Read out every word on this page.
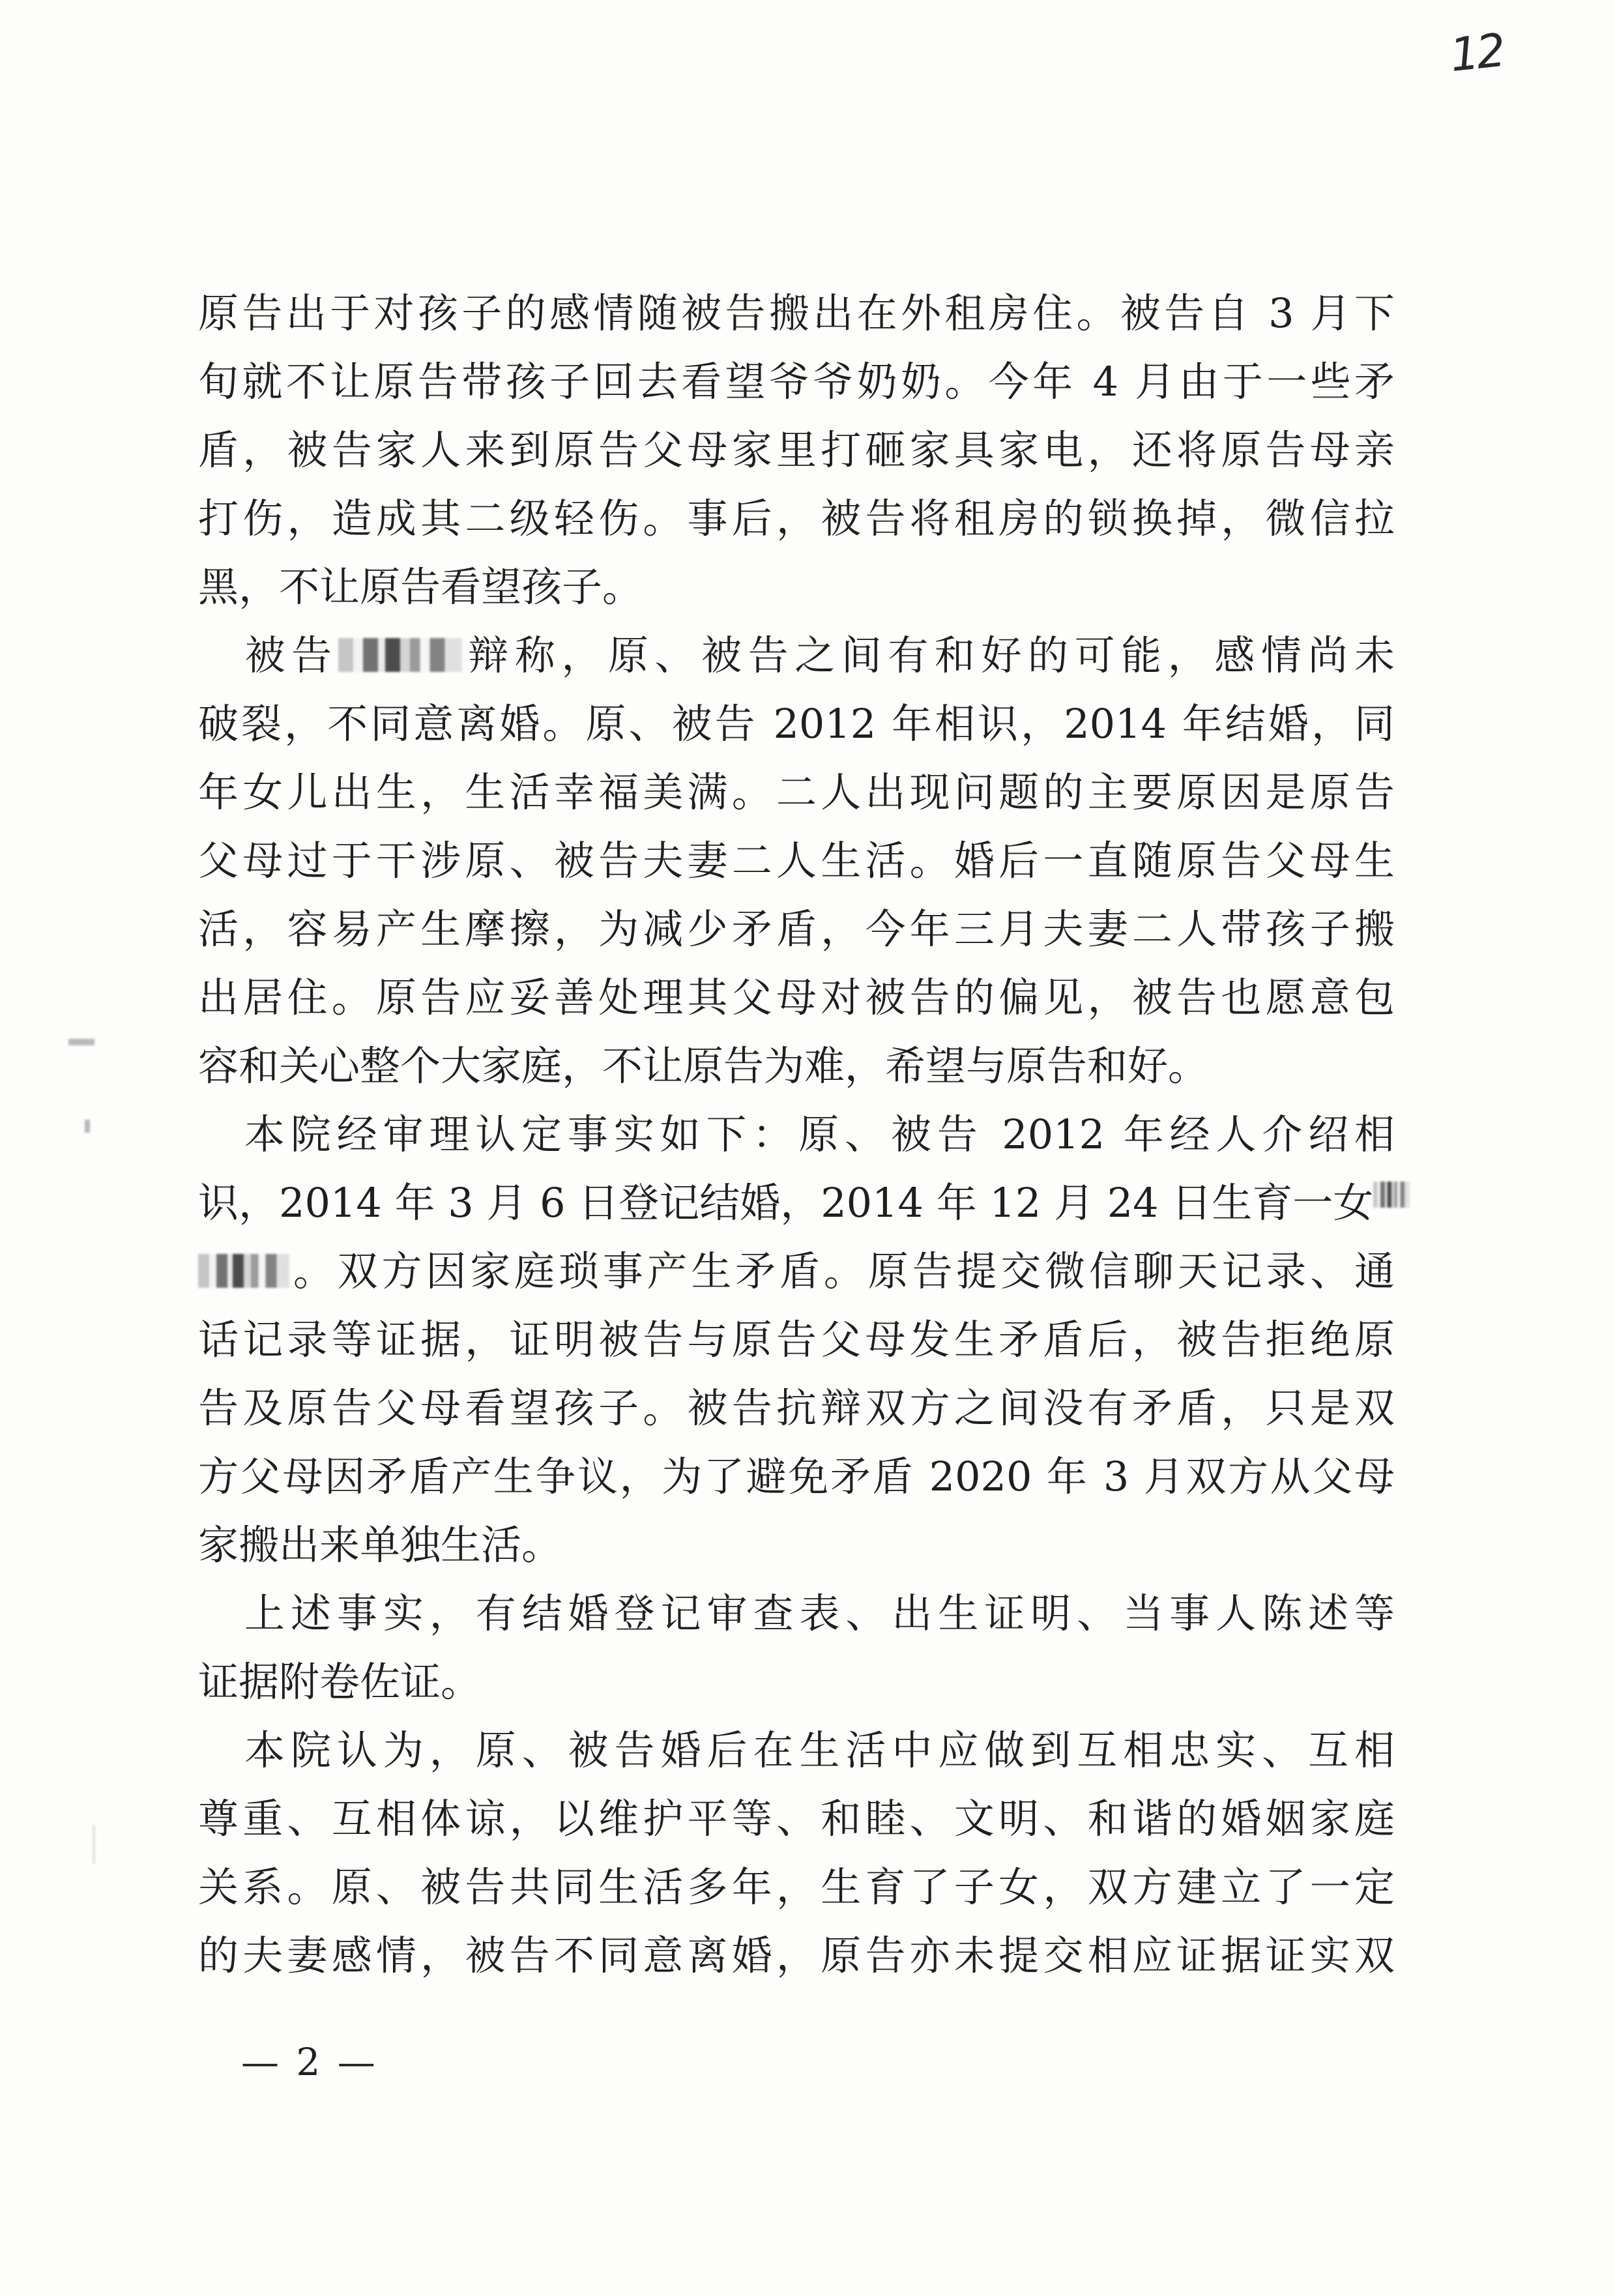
12
原告出于对孩子的感情随被告搬出在外租房住。被告自 3 月下
旬就不让原告带孩子回去看望爷爷奶奶。今年 4 月由于一些矛
盾，被告家人来到原告父母家里打砸家具家电，还将原告母亲
打伤，造成其二级轻伤。事后，被告将租房的锁换掉，微信拉
黑，不让原告看望孩子。
　被告	辩称，原、被告之间有和好的可能，感情尚未
破裂，不同意离婚。原、被告 2012 年相识，2014 年结婚，同
年女儿出生，生活幸福美满。二人出现问题的主要原因是原告
父母过于干涉原、被告夫妻二人生活。婚后一直随原告父母生
活，容易产生摩擦，为减少矛盾，今年三月夫妻二人带孩子搬
出居住。原告应妥善处理其父母对被告的偏见，被告也愿意包
容和关心整个大家庭，不让原告为难，希望与原告和好。
　本院经审理认定事实如下：原、被告 2012 年经人介绍相
识，2014 年 3 月 6 日登记结婚，2014 年 12 月 24 日生育一女
。双方因家庭琐事产生矛盾。原告提交微信聊天记录、通
话记录等证据，证明被告与原告父母发生矛盾后，被告拒绝原
告及原告父母看望孩子。被告抗辩双方之间没有矛盾，只是双
方父母因矛盾产生争议，为了避免矛盾 2020 年 3 月双方从父母
家搬出来单独生活。
　上述事实，有结婚登记审查表、出生证明、当事人陈述等
证据附卷佐证。
　本院认为，原、被告婚后在生活中应做到互相忠实、互相
尊重、互相体谅，以维护平等、和睦、文明、和谐的婚姻家庭
关系。原、被告共同生活多年，生育了子女，双方建立了一定
的夫妻感情，被告不同意离婚，原告亦未提交相应证据证实双
— 2 —
